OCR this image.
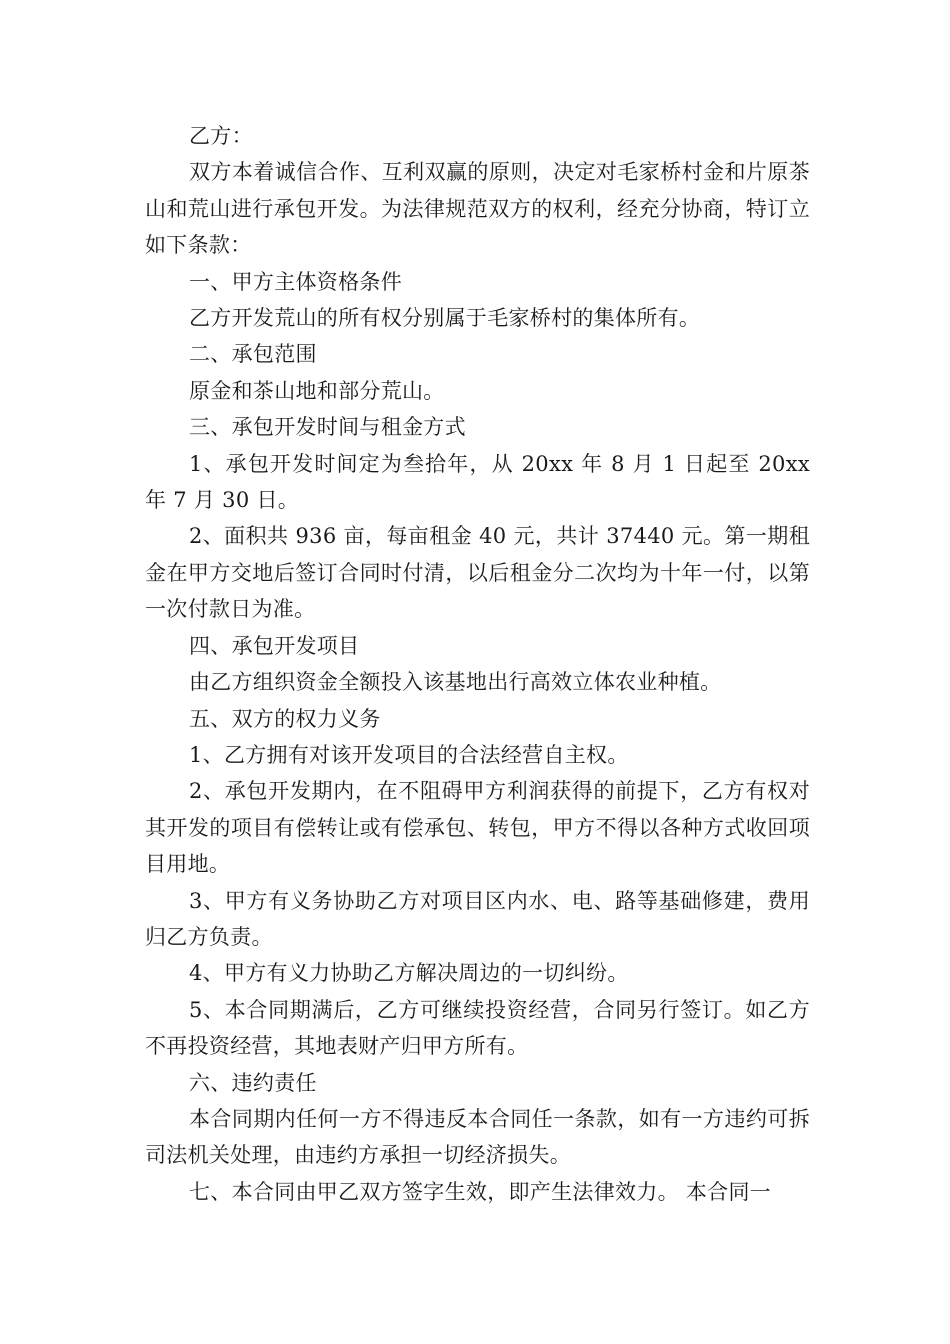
乙方：

双方本着诚信合作、互利双赢的原则，决定对毛家桥村金和片原茶山和荒山进行承包开发。为法律规范双方的权利，经充分协商，特订立如下条款：

一、甲方主体资格条件

乙方开发荒山的所有权分别属于毛家桥村的集体所有。

二、承包范围

原金和茶山地和部分荒山。

三、承包开发时间与租金方式

1、承包开发时间定为叁拾年，从 20xx 年 8 月 1 日起至 20xx 年 7 月 30 日。

2、面积共 936 亩，每亩租金 40 元，共计 37440 元。第一期租金在甲方交地后签订合同时付清，以后租金分二次均为十年一付，以第一次付款日为准。

四、承包开发项目

由乙方组织资金全额投入该基地出行高效立体农业种植。

五、双方的权力义务

1、乙方拥有对该开发项目的合法经营自主权。

2、承包开发期内，在不阻碍甲方利润获得的前提下，乙方有权对其开发的项目有偿转让或有偿承包、转包，甲方不得以各种方式收回项目用地。

3、甲方有义务协助乙方对项目区内水、电、路等基础修建，费用归乙方负责。

4、甲方有义力协助乙方解决周边的一切纠纷。

5、本合同期满后，乙方可继续投资经营，合同另行签订。如乙方不再投资经营，其地表财产归甲方所有。

六、违约责任

本合同期内任何一方不得违反本合同任一条款，如有一方违约可拆司法机关处理，由违约方承担一切经济损失。

七、本合同由甲乙双方签字生效，即产生法律效力。 本合同一
